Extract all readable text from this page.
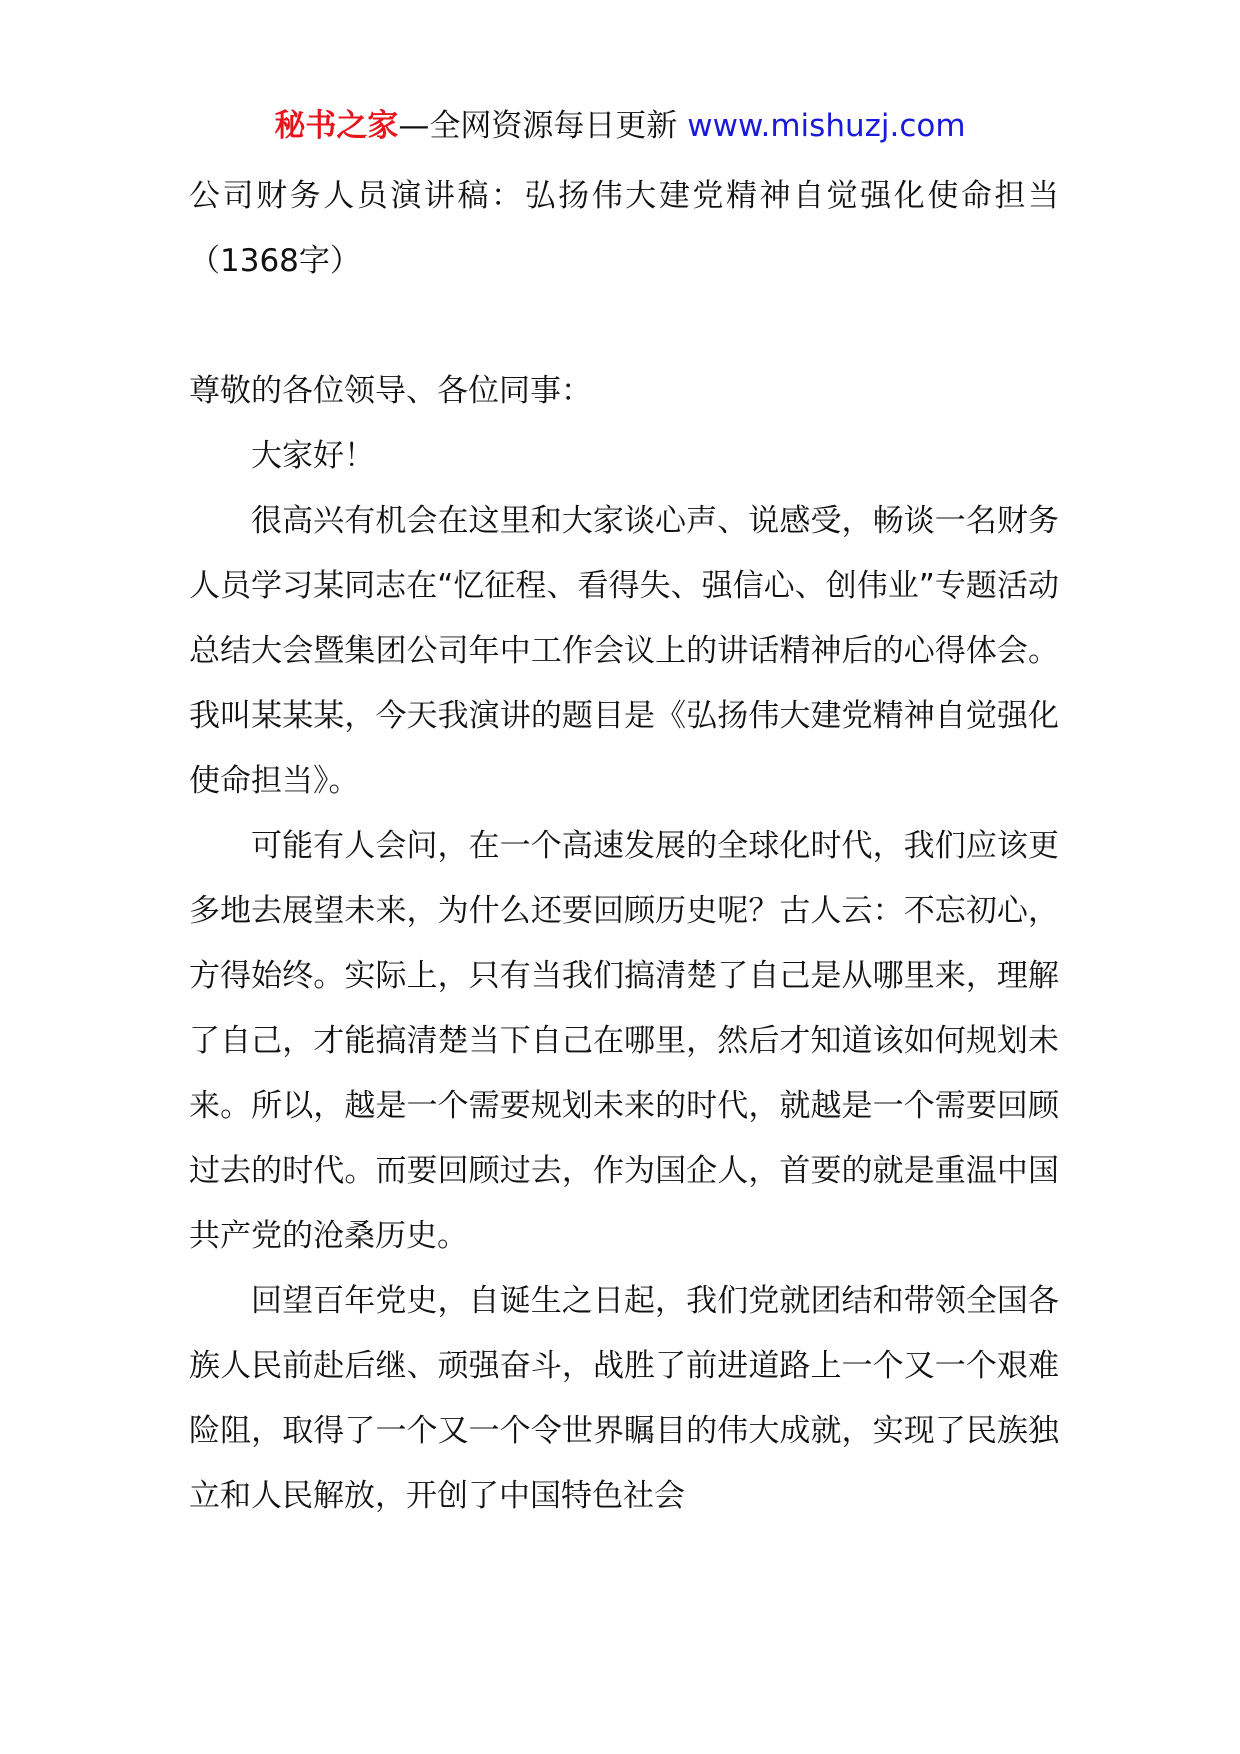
秘书之家—全网资源每日更新 www.mishuzj.com

公司财务人员演讲稿：弘扬伟大建党精神自觉强化使命担当（1368字）

尊敬的各位领导、各位同事：

大家好！

很高兴有机会在这里和大家谈心声、说感受，畅谈一名财务人员学习某同志在“忆征程、看得失、强信心、创伟业”专题活动总结大会暨集团公司年中工作会议上的讲话精神后的心得体会。我叫某某某，今天我演讲的题目是《弘扬伟大建党精神自觉强化使命担当》。

可能有人会问，在一个高速发展的全球化时代，我们应该更多地去展望未来，为什么还要回顾历史呢？古人云：不忘初心，方得始终。实际上，只有当我们搞清楚了自己是从哪里来，理解了自己，才能搞清楚当下自己在哪里，然后才知道该如何规划未来。所以，越是一个需要规划未来的时代，就越是一个需要回顾过去的时代。而要回顾过去，作为国企人，首要的就是重温中国共产党的沧桑历史。

回望百年党史，自诞生之日起，我们党就团结和带领全国各族人民前赴后继、顽强奋斗，战胜了前进道路上一个又一个艰难险阻，取得了一个又一个令世界瞩目的伟大成就，实现了民族独立和人民解放，开创了中国特色社会
